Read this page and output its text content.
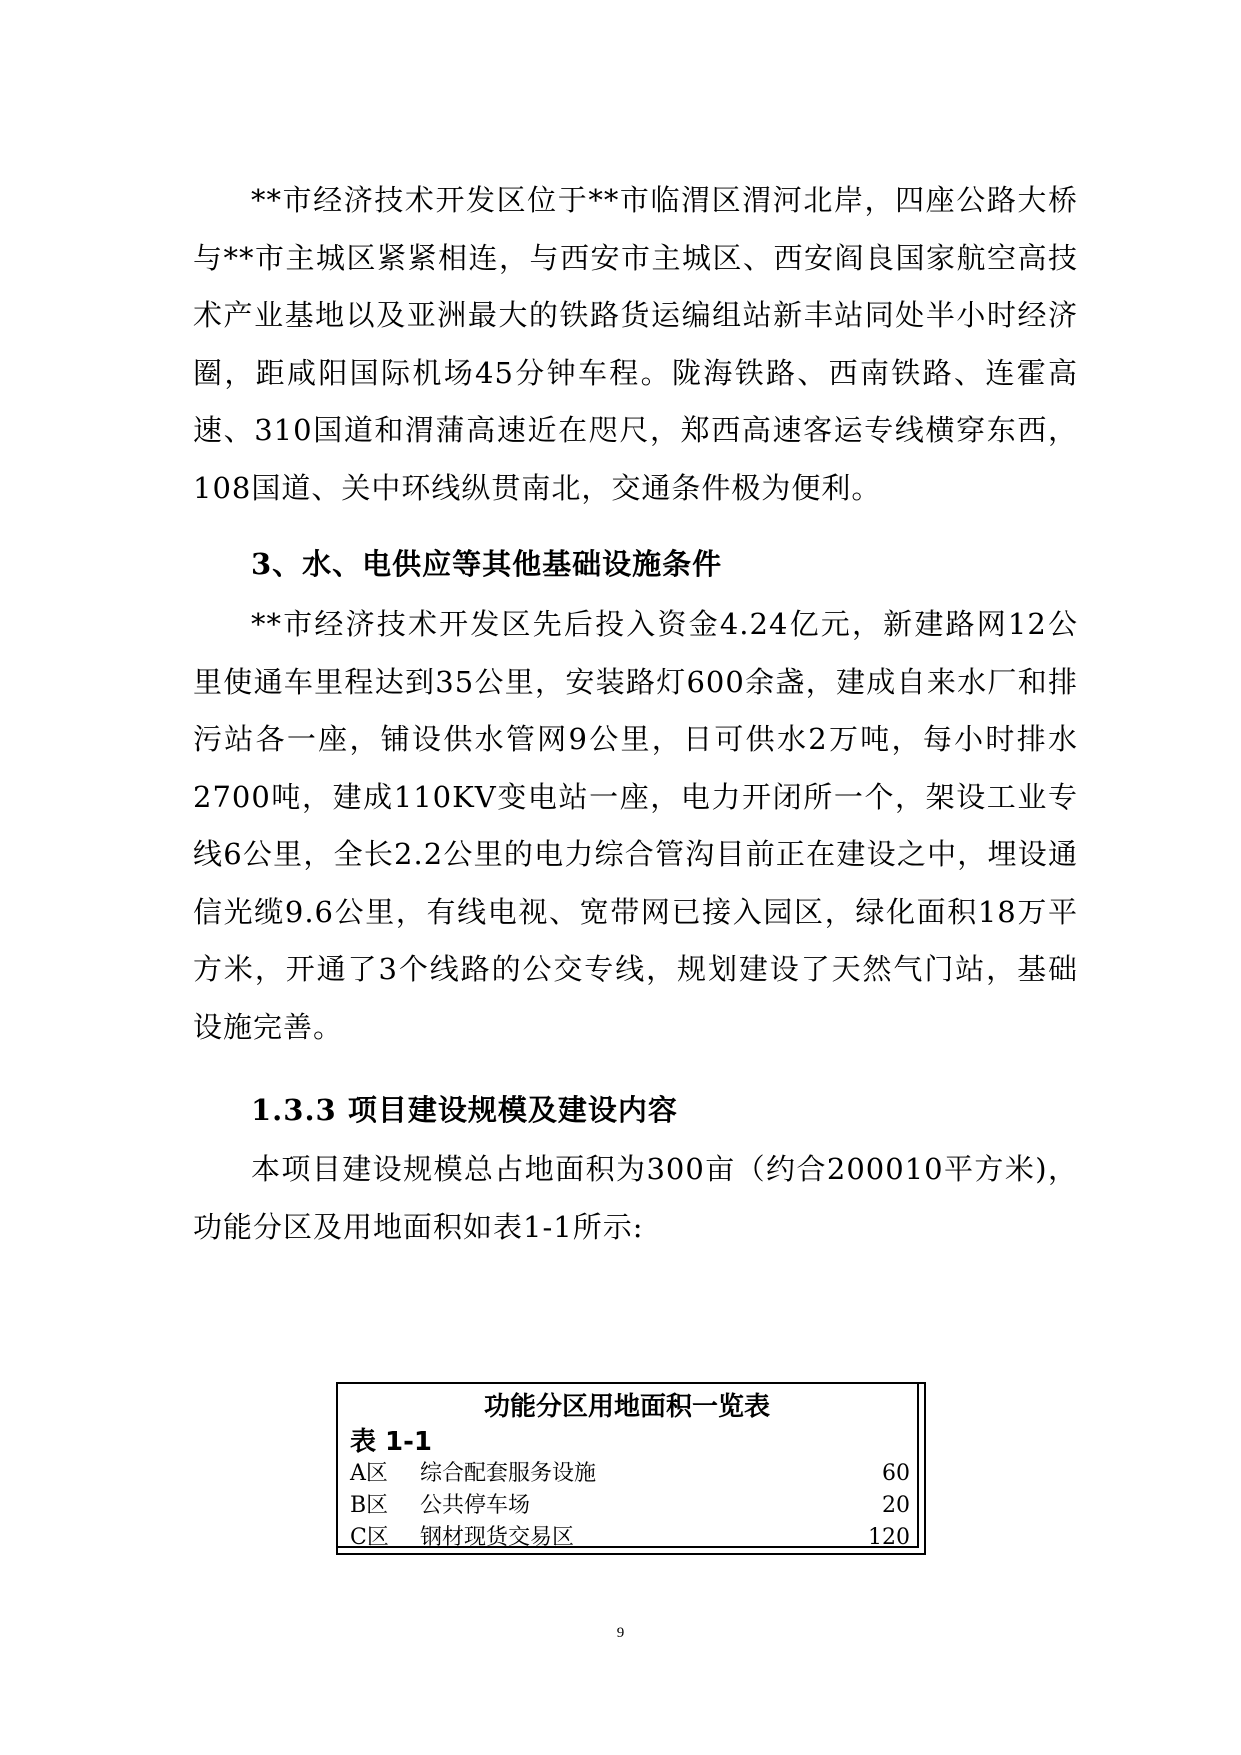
**市经济技术开发区位于**市临渭区渭河北岸，四座公路大桥与**市主城区紧紧相连，与西安市主城区、西安阎良国家航空高技术产业基地以及亚洲最大的铁路货运编组站新丰站同处半小时经济圈，距咸阳国际机场45分钟车程。陇海铁路、西南铁路、连霍高速、310国道和渭蒲高速近在咫尺，郑西高速客运专线横穿东西，108国道、关中环线纵贯南北，交通条件极为便利。

3、水、电供应等其他基础设施条件

**市经济技术开发区先后投入资金4.24亿元，新建路网12公里使通车里程达到35公里，安装路灯600余盏，建成自来水厂和排污站各一座，铺设供水管网9公里，日可供水2万吨，每小时排水2700吨，建成110KV变电站一座，电力开闭所一个，架设工业专线6公里，全长2.2公里的电力综合管沟目前正在建设之中，埋设通信光缆9.6公里，有线电视、宽带网已接入园区，绿化面积18万平方米，开通了3个线路的公交专线，规划建设了天然气门站，基础设施完善。

1.3.3 项目建设规模及建设内容

本项目建设规模总占地面积为300亩（约合200010平方米)，功能分区及用地面积如表1-1所示:

功能分区用地面积一览表
表 1-1
A区	综合配套服务设施	60
B区	公共停车场	20
C区	钢材现货交易区	120
9
